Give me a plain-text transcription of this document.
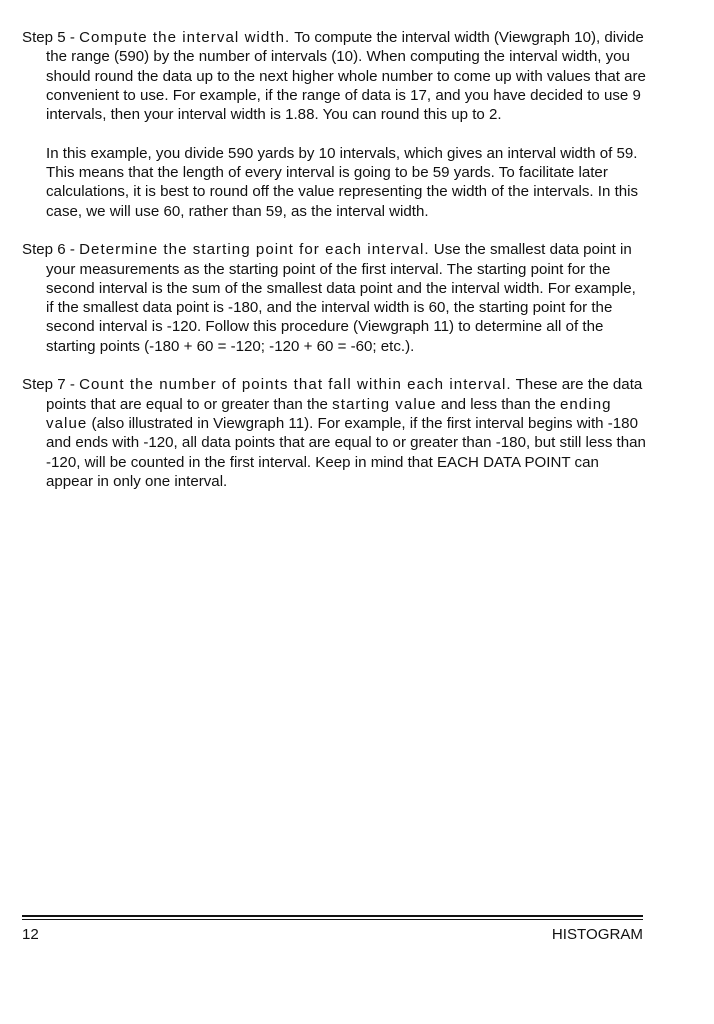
Step 5 - Compute the interval width. To compute the interval width (Viewgraph 10), divide the range (590) by the number of intervals (10). When computing the interval width, you should round the data up to the next higher whole number to come up with values that are convenient to use. For example, if the range of data is 17, and you have decided to use 9 intervals, then your interval width is 1.88. You can round this up to 2.

In this example, you divide 590 yards by 10 intervals, which gives an interval width of 59. This means that the length of every interval is going to be 59 yards. To facilitate later calculations, it is best to round off the value representing the width of the intervals. In this case, we will use 60, rather than 59, as the interval width.

Step 6 - Determine the starting point for each interval. Use the smallest data point in your measurements as the starting point of the first interval. The starting point for the second interval is the sum of the smallest data point and the interval width. For example, if the smallest data point is -180, and the interval width is 60, the starting point for the second interval is -120. Follow this procedure (Viewgraph 11) to determine all of the starting points (-180 + 60 = -120; -120 + 60 = -60; etc.).

Step 7 - Count the number of points that fall within each interval. These are the data points that are equal to or greater than the starting value and less than the ending value (also illustrated in Viewgraph 11). For example, if the first interval begins with -180 and ends with -120, all data points that are equal to or greater than -180, but still less than -120, will be counted in the first interval. Keep in mind that EACH DATA POINT can appear in only one interval.

12	HISTOGRAM
